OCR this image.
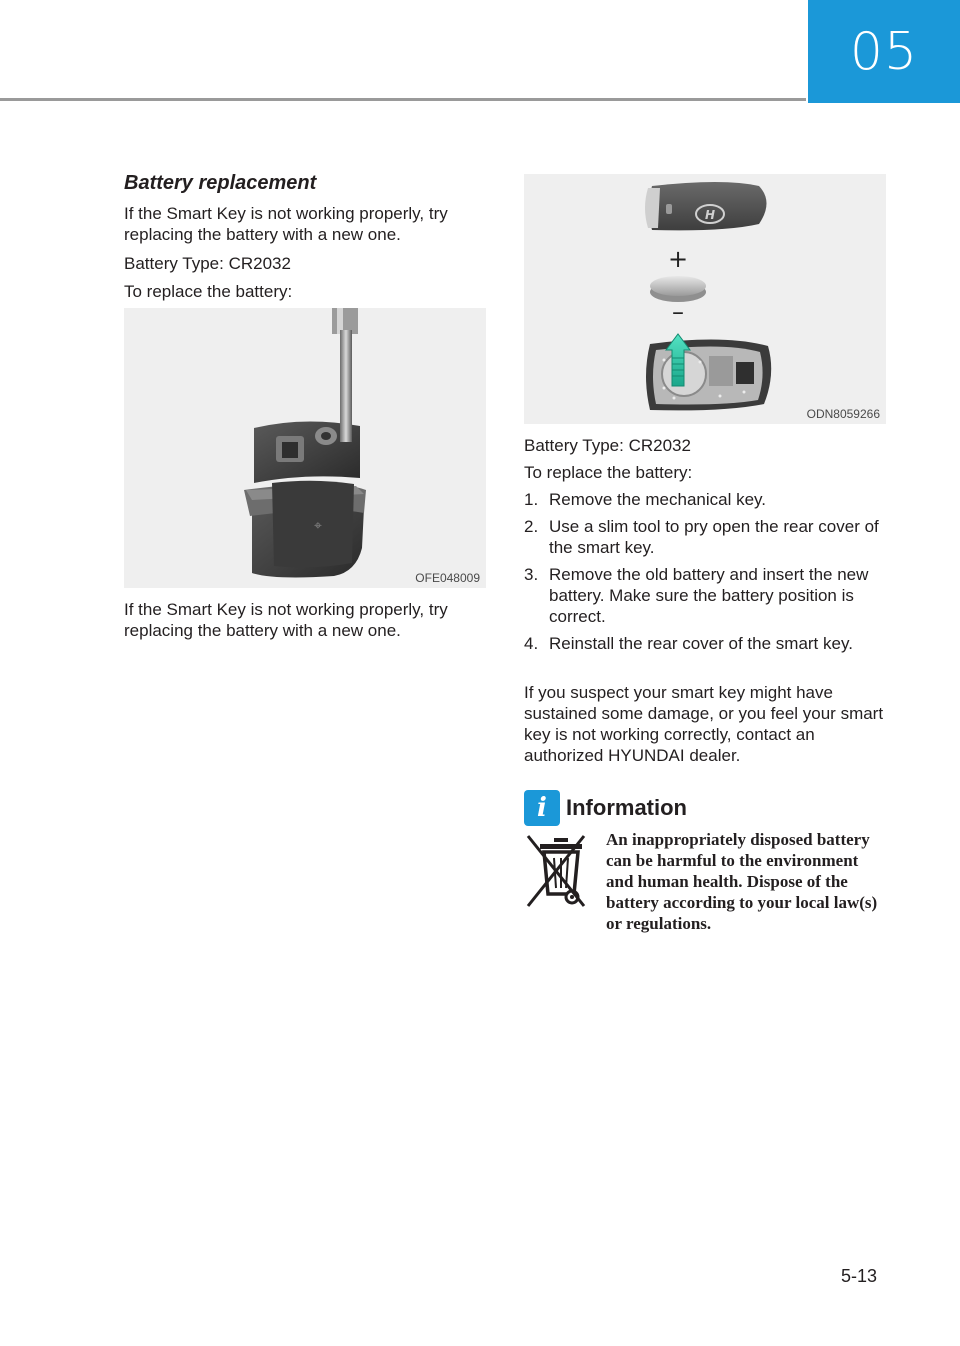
05
Battery replacement

If the Smart Key is not working properly, try replacing the battery with a new one.

Battery Type: CR2032

To replace the battery:

⌖
OFE048009

If the Smart Key is not working properly, try replacing the battery with a new one.

H
+
–
ODN8059266

Battery Type: CR2032

To replace the battery:

1. Remove the mechanical key.
2. Use a slim tool to pry open the rear cover of the smart key.
3. Remove the old battery and insert the new battery. Make sure the battery position is correct.
4. Reinstall the rear cover of the smart key.

If you suspect your smart key might have sustained some damage, or you feel your smart key is not working correctly, contact an authorized HYUNDAI dealer.

i Information

An inappropriately disposed battery can be harmful to the environment and human health. Dispose of the battery according to your local law(s) or regulations.

5-13
